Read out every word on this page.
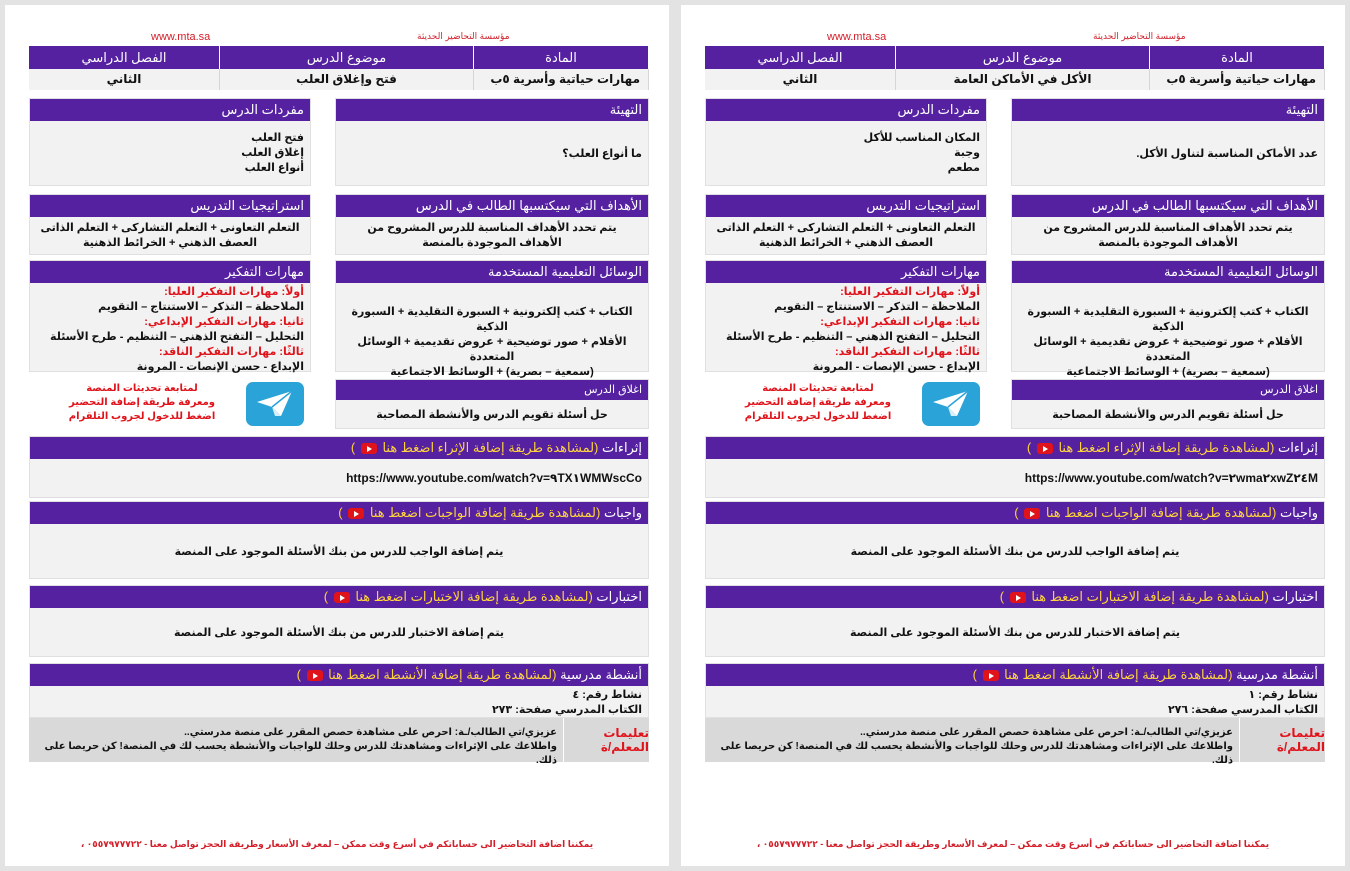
www.mta.sa	مؤسسة التحاضير الحديثة
المادة
موضوع الدرس
الفصل الدراسي
مهارات حياتية وأسرية ٥ب
فتح وإغلاق العلب
الثاني
التهيئة
ما أنواع العلب؟
مفردات الدرس
فتح العلب
إغلاق العلب
أنواع العلب
الأهداف التي سيكتسبها الطالب في الدرس
يتم تحدد الأهداف المناسبة للدرس المشروح من الأهداف الموجودة بالمنصة
استراتيجيات التدريس
التعلم التعاونى + التعلم التشاركى + التعلم الذاتى
العصف الذهني + الخرائط الذهنية
الوسائل التعليمية المستخدمة
الكتاب + كتب إلكترونية + السبورة التقليدية + السبورة الذكية
الأقلام + صور توضيحية + عروض تقديمية + الوسائل المتعددة
(سمعية – بصرية) + الوسائط الاجتماعية
مهارات التفكير
أولاً: مهارات التفكير العليا:
الملاحظة – التذكر – الاستنتاج – التقويم
ثانيا: مهارات التفكير الإبداعي:
التحليل – التفتح الذهني – التنظيم - طرح الأسئلة
ثالثًا: مهارات التفكير الناقد:
الإبداع - حسن الإنصات - المرونة
اغلاق الدرس
حل أسئلة تقويم الدرس والأنشطة المصاحبة
لمتابعة تحديثات المنصة
ومعرفة طريقة إضافة التحضير
اضغط للدخول لجروب التلقرام
إثراءات (لمشاهدة طريقة إضافة الإثراء اضغط هنا  )
https://www.youtube.com/watch?v=٩TX١WMWscCo
واجبات (لمشاهدة طريقة إضافة الواجبات اضغط هنا  )
يتم إضافة الواجب للدرس من بنك الأسئلة الموجود على المنصة
اختبارات (لمشاهدة طريقة إضافة الاختبارات اضغط هنا  )
يتم إضافة الاختبار للدرس من بنك الأسئلة الموجود على المنصة
أنشطة مدرسية (لمشاهدة طريقة إضافة الأنشطة اضغط هنا  )
نشاط رقم: ٤
الكتاب المدرسي صفحة: ٢٧٣
تعليمات المعلم/ة
عزيزي/تي الطالب/ـة: احرص على مشاهدة حصص المقرر على منصة مدرستي..
واطلاعك على الإثراءات ومشاهدتك للدرس وحلك للواجبات والأنشطة يحسب لك في المنصة! كن حريصا على ذلك.
يمكننا اضافة التحاضير الى حساباتكم في أسرع وقت ممكن – لمعرف الأسعار وطريقة الحجز تواصل معنا - ٠٥٥٧٩٧٧٧٢٢ ،
www.mta.sa	مؤسسة التحاضير الحديثة
المادة
موضوع الدرس
الفصل الدراسي
مهارات حياتية وأسرية ٥ب
الأكل في الأماكن العامة
الثاني
التهيئة
عدد الأماكن المناسبة لتناول الأكل.
مفردات الدرس
المكان المناسب للأكل
وجبة
مطعم
الأهداف التي سيكتسبها الطالب في الدرس
يتم تحدد الأهداف المناسبة للدرس المشروح من الأهداف الموجودة بالمنصة
استراتيجيات التدريس
التعلم التعاونى + التعلم التشاركى + التعلم الذاتى
العصف الذهني + الخرائط الذهنية
الوسائل التعليمية المستخدمة
الكتاب + كتب إلكترونية + السبورة التقليدية + السبورة الذكية
الأقلام + صور توضيحية + عروض تقديمية + الوسائل المتعددة
(سمعية – بصرية) + الوسائط الاجتماعية
مهارات التفكير
أولاً: مهارات التفكير العليا:
الملاحظة – التذكر – الاستنتاج – التقويم
ثانيا: مهارات التفكير الإبداعي:
التحليل – التفتح الذهني – التنظيم - طرح الأسئلة
ثالثًا: مهارات التفكير الناقد:
الإبداع - حسن الإنصات - المرونة
اغلاق الدرس
حل أسئلة تقويم الدرس والأنشطة المصاحبة
لمتابعة تحديثات المنصة
ومعرفة طريقة إضافة التحضير
اضغط للدخول لجروب التلقرام
إثراءات (لمشاهدة طريقة إضافة الإثراء اضغط هنا  )
https://www.youtube.com/watch?v=٢wma٢xwZ٢٤M
واجبات (لمشاهدة طريقة إضافة الواجبات اضغط هنا  )
يتم إضافة الواجب للدرس من بنك الأسئلة الموجود على المنصة
اختبارات (لمشاهدة طريقة إضافة الاختبارات اضغط هنا  )
يتم إضافة الاختبار للدرس من بنك الأسئلة الموجود على المنصة
أنشطة مدرسية (لمشاهدة طريقة إضافة الأنشطة اضغط هنا  )
نشاط رقم: ١
الكتاب المدرسي صفحة: ٢٧٦
تعليمات المعلم/ة
عزيزي/تي الطالب/ـة: احرص على مشاهدة حصص المقرر على منصة مدرستي..
واطلاعك على الإثراءات ومشاهدتك للدرس وحلك للواجبات والأنشطة يحسب لك في المنصة! كن حريصا على ذلك.
يمكننا اضافة التحاضير الى حساباتكم في أسرع وقت ممكن – لمعرف الأسعار وطريقة الحجز تواصل معنا - ٠٥٥٧٩٧٧٧٢٢ ،
